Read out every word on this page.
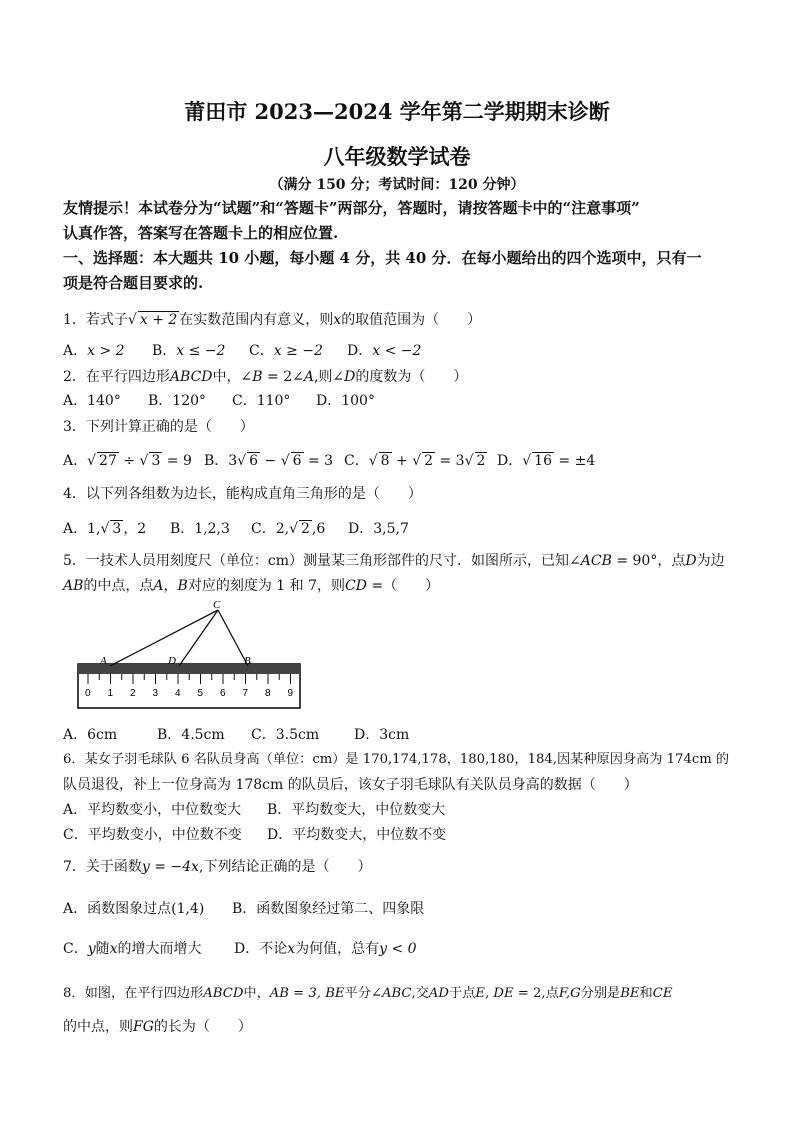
莆田市 2023—2024 学年第二学期期末诊断
八年级数学试卷
（满分 150 分；考试时间：120 分钟）
友情提示！本试卷分为“试题”和“答题卡”两部分，答题时，请按答题卡中的“注意事项”
认真作答，答案写在答题卡上的相应位置.
一、选择题：本大题共 10 小题，每小题 4 分，共 40 分．在每小题给出的四个选项中，只有一
项是符合题目要求的.
1．若式子√ x + 2 在实数范围内有意义，则x的取值范围为（　　）
A．x > 2 B．x ≤ −2 C．x ≥ −2 D．x < −2
2．在平行四边形ABCD中，∠B = 2∠A,则∠D的度数为（　　）
A．140° B．120° C．110° D．100°
3．下列计算正确的是（　　）
A．√ 27 ÷ √ 3 = 9 B．3√ 6 − √ 6 = 3 C．√ 8 + √ 2 = 3√ 2 D．√ 16 = ±4
4．以下列各组数为边长，能构成直角三角形的是（　　）
A．1,√ 3 ，2 B．1,2,3 C．2,√ 2 ,6 D．3,5,7
5．一技术人员用刻度尺（单位：cm）测量某三角形部件的尺寸．如图所示，已知∠ACB = 90°，点D为边
AB的中点，点A，B对应的刻度为 1 和 7，则CD =（　　）
0 1 2 3 4 5 6 7 8 9
A	B
C
D
A．6cm	B．4.5cm C．3.5cm D．3cm
6．某女子羽毛球队 6 名队员身高（单位：cm）是 170,174,178，180,180，184,因某种原因身高为 174cm 的
队员退役，补上一位身高为 178cm 的队员后，该女子羽毛球队有关队员身高的数据（　　）
A．平均数变小，中位数变大 B．平均数变大，中位数变大
C．平均数变小，中位数不变 D．平均数变大，中位数不变
7．关于函数y = −4x,下列结论正确的是（　　）
A．函数图象过点(1,4) B．函数图象经过第二、四象限
C．y随x的增大而增大 D．不论x为何值，总有y < 0
8．如图，在平行四边形ABCD中，AB = 3, BE平分∠ABC,交AD于点E, DE = 2,点F,G分别是BE和CE
的中点，则FG的长为（　　）
